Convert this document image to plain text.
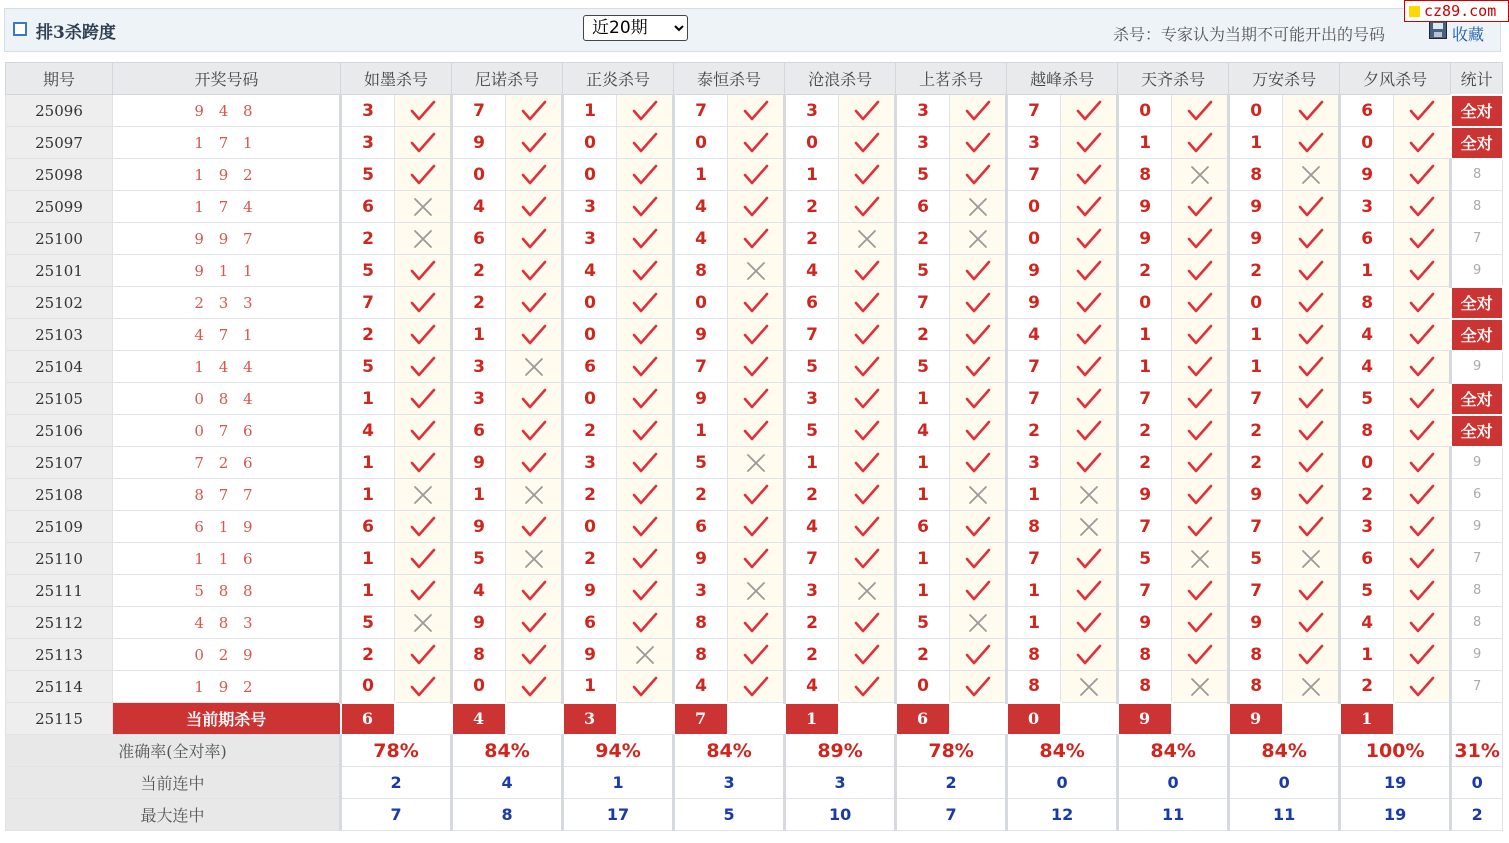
排3杀跨度
近20期	杀号：专家认为当期不可能开出的号码	收藏
cz89.com
期号	开奖号码	如墨杀号		尼诺杀号		正炎杀号		泰恒杀号		沧浪杀号		上茗杀号		越峰杀号		天齐杀号		万安杀号		夕风杀号		统计
25096	9 4 8	3		7		1		7		3		3		7		0		0		6		全对
25097	1 7 1	3		9		0		0		0		3		3		1		1		0		全对
25098	1 9 2	5		0		0		1		1		5		7		8		8		9		8
25099	1 7 4	6		4		3		4		2		6		0		9		9		3		8
25100	9 9 7	2		6		3		4		2		2		0		9		9		6		7
25101	9 1 1	5		2		4		8		4		5		9		2		2		1		9
25102	2 3 3	7		2		0		0		6		7		9		0		0		8		全对
25103	4 7 1	2		1		0		9		7		2		4		1		1		4		全对
25104	1 4 4	5		3		6		7		5		5		7		1		1		4		9
25105	0 8 4	1		3		0		9		3		1		7		7		7		5		全对
25106	0 7 6	4		6		2		1		5		4		2		2		2		8		全对
25107	7 2 6	1		9		3		5		1		1		3		2		2		0		9
25108	8 7 7	1		1		2		2		2		1		1		9		9		2		6
25109	6 1 9	6		9		0		6		4		6		8		7		7		3		9
25110	1 1 6	1		5		2		9		7		1		7		5		5		6		7
25111	5 8 8	1		4		9		3		3		1		1		7		7		5		8
25112	4 8 3	5		9		6		8		2		5		1		9		9		4		8
25113	0 2 9	2		8		9		8		2		2		8		8		8		1		9
25114	1 9 2	0		0		1		4		4		0		8		8		8		2		7
25115	当前期杀号	6		4		3		7		1		6		0		9		9		1		
准确率(全对率)		78%		84%		94%		84%		89%		78%		84%		84%		84%		100%		31%
当前连中		2		4		1		3		3		2		0		0		0		19		0
最大连中		7		8		17		5		10		7		12		11		11		19		2
